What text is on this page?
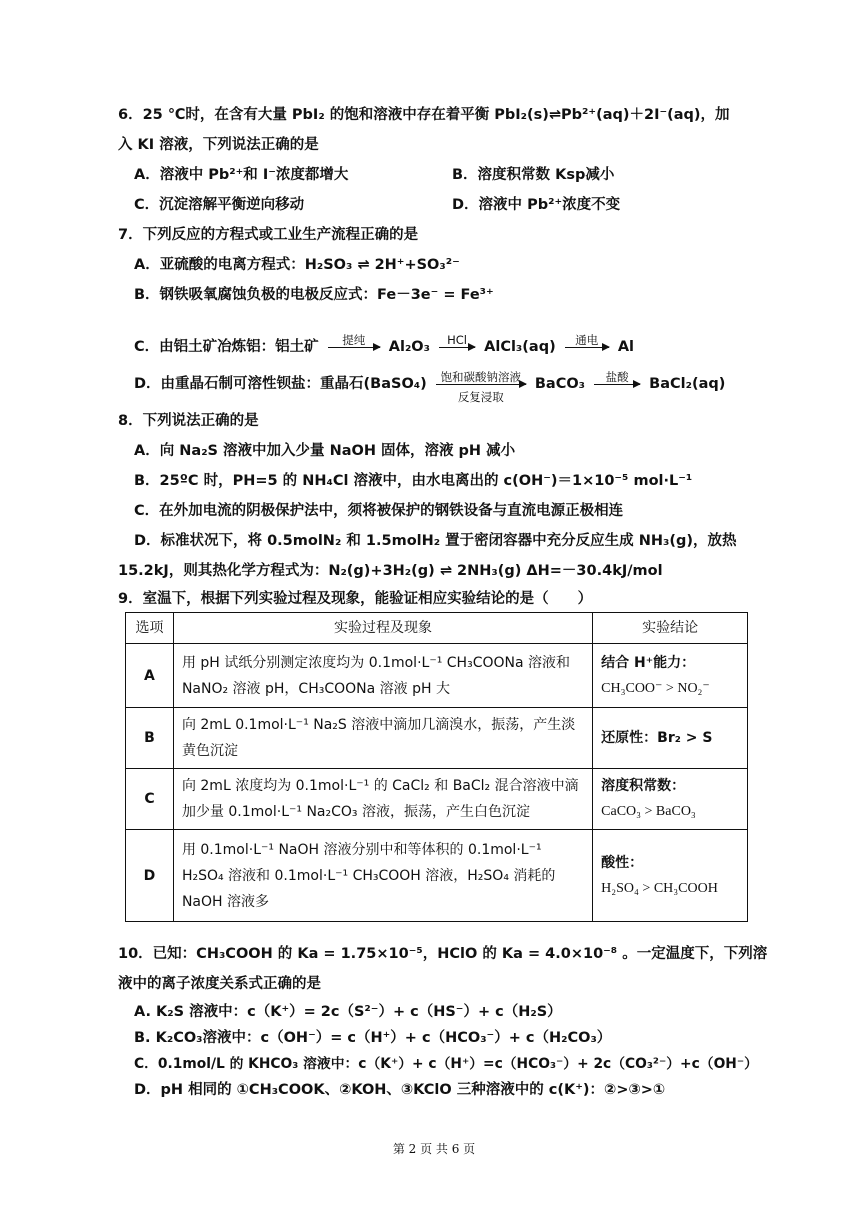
6．25 ℃时，在含有大量 PbI₂ 的饱和溶液中存在着平衡 PbI₂(s)⇌Pb²⁺(aq)＋2I⁻(aq)，加
入 KI 溶液，下列说法正确的是
A．溶液中 Pb²⁺和 I⁻浓度都增大	B．溶度积常数 Ksp减小
C．沉淀溶解平衡逆向移动	D．溶液中 Pb²⁺浓度不变
7．下列反应的方程式或工业生产流程正确的是
A．亚硫酸的电离方程式：H₂SO₃ ⇌ 2H⁺+SO₃²⁻
B．钢铁吸氧腐蚀负极的电极反应式：Fe－3e⁻ = Fe³⁺
C．由铝土矿冶炼铝：铝土矿	提纯	Al₂O₃	HCl	AlCl₃(aq)	通电	Al
D．由重晶石制可溶性钡盐：重晶石(BaSO₄)	饱和碳酸钠溶液
反复浸取
BaCO₃	盐酸	BaCl₂(aq)
8．下列说法正确的是
A．向 Na₂S 溶液中加入少量 NaOH 固体，溶液 pH 减小
B．25ºC 时，PH=5 的 NH₄Cl 溶液中，由水电离出的 c(OH⁻)＝1×10⁻⁵ mol·L⁻¹
C．在外加电流的阴极保护法中，须将被保护的钢铁设备与直流电源正极相连
D．标准状况下，将 0.5molN₂ 和 1.5molH₂ 置于密闭容器中充分反应生成 NH₃(g)，放热
15.2kJ，则其热化学方程式为：N₂(g)+3H₂(g) ⇌ 2NH₃(g) ΔH=－30.4kJ/mol
9．室温下，根据下列实验过程及现象，能验证相应实验结论的是（　　）
选项	实验过程及现象	实验结论
A	用 pH 试纸分别测定浓度均为 0.1mol·L⁻¹ CH₃COONa 溶液和 NaNO₂ 溶液 pH，CH₃COONa 溶液 pH 大	结合 H⁺能力：
CH₃COO⁻ > NO₂⁻

B	向 2mL 0.1mol·L⁻¹ Na₂S 溶液中滴加几滴溴水，振荡，产生淡黄色沉淀	还原性：Br₂ > S

C	向 2mL 浓度均为 0.1mol·L⁻¹ 的 CaCl₂ 和 BaCl₂ 混合溶液中滴加少量 0.1mol·L⁻¹ Na₂CO₃ 溶液，振荡，产生白色沉淀	溶度积常数：
CaCO₃ > BaCO₃

D	用 0.1mol·L⁻¹ NaOH 溶液分别中和等体积的 0.1mol·L⁻¹ H₂SO₄ 溶液和 0.1mol·L⁻¹ CH₃COOH 溶液，H₂SO₄ 消耗的 NaOH 溶液多	酸性：
H₂SO₄ > CH₃COOH
10．已知：CH₃COOH 的 Ka = 1.75×10⁻⁵，HClO 的 Ka = 4.0×10⁻⁸ 。一定温度下，下列溶
液中的离子浓度关系式正确的是
A. K₂S 溶液中：c（K⁺）= 2c（S²⁻）+ c（HS⁻）+ c（H₂S）
B. K₂CO₃溶液中：c（OH⁻）= c（H⁺）+ c（HCO₃⁻）+ c（H₂CO₃）
C．0.1mol/L 的 KHCO₃ 溶液中：c（K⁺）+ c（H⁺）=c（HCO₃⁻）+ 2c（CO₃²⁻）+c（OH⁻）
D．pH 相同的 ①CH₃COOK、②KOH、③KClO 三种溶液中的 c(K⁺)：②>③>①
第 2 页 共 6 页
